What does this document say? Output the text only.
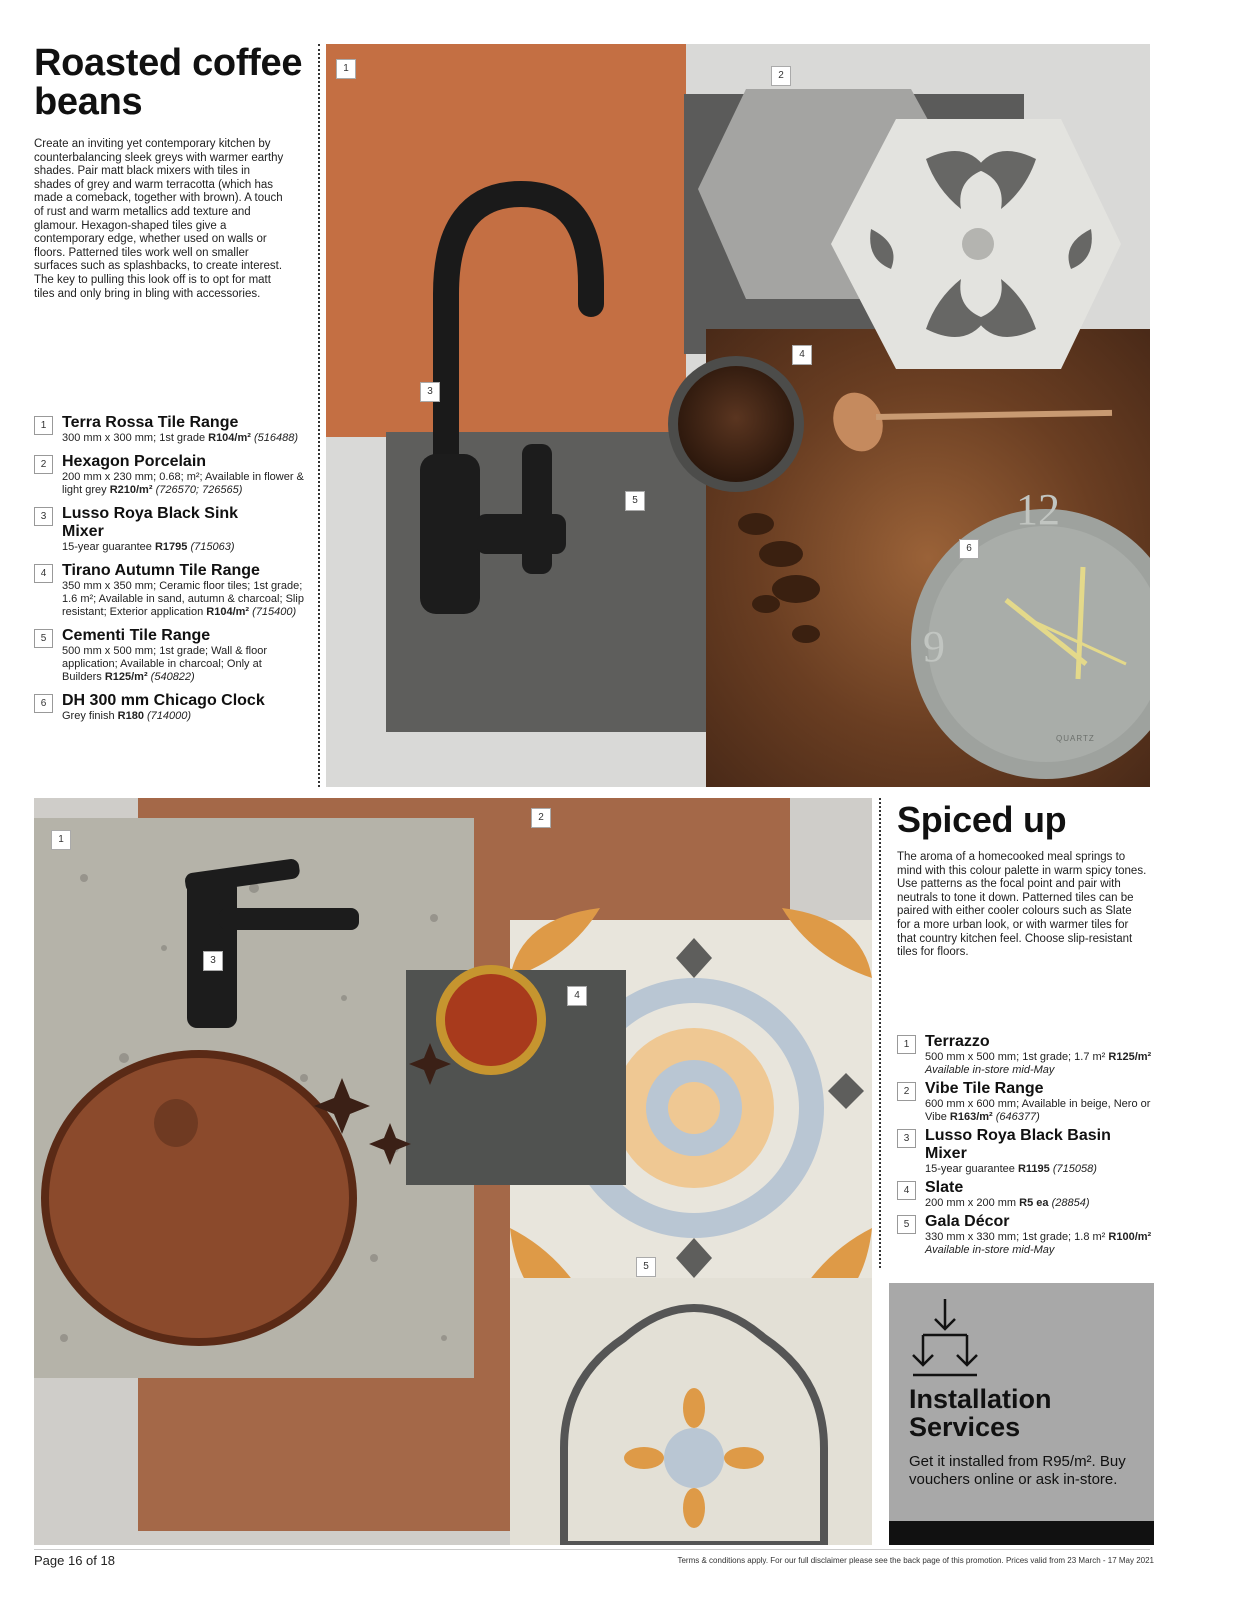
Roasted coffee beans

Create an inviting yet contemporary kitchen by counterbalancing sleek greys with warmer earthy shades. Pair matt black mixers with tiles in shades of grey and warm terracotta (which has made a comeback, together with brown). A touch of rust and warm metallics add texture and glamour. Hexagon-shaped tiles give a contemporary edge, whether used on walls or floors. Patterned tiles work well on smaller surfaces such as splashbacks, to create interest. The key to pulling this look off is to opt for matt tiles and only bring in bling with accessories.

1 Terra Rossa Tile Range
300 mm x 300 mm; 1st grade R104/m² (516488)
2 Hexagon Porcelain
200 mm x 230 mm; 0.68; m²; Available in flower & light grey R210/m² (726570; 726565)
3 Lusso Roya Black Sink Mixer
15-year guarantee R1795 (715063)
4 Tirano Autumn Tile Range
350 mm x 350 mm; Ceramic floor tiles; 1st grade; 1.6 m²; Available in sand, autumn & charcoal; Slip resistant; Exterior application R104/m² (715400)
5 Cementi Tile Range
500 mm x 500 mm; 1st grade; Wall & floor application; Available in charcoal; Only at Builders R125/m² (540822)
6 DH 300 mm Chicago Clock
Grey finish R180 (714000)
12
9
QUARTZ
1
2
3
4
5
6
1
2
3
4
5
Spiced up

The aroma of a homecooked meal springs to mind with this colour palette in warm spicy tones. Use patterns as the focal point and pair with neutrals to tone it down. Patterned tiles can be paired with either cooler colours such as Slate for a more urban look, or with warmer tiles for that country kitchen feel. Choose slip-resistant tiles for floors.

1 Terrazzo
500 mm x 500 mm; 1st grade; 1.7 m² R125/m² Available in-store mid-May
2 Vibe Tile Range
600 mm x 600 mm; Available in beige, Nero or Vibe R163/m² (646377)
3 Lusso Roya Black Basin Mixer
15-year guarantee R1195 (715058)
4 Slate
200 mm x 200 mm R5 ea (28854)
5 Gala Décor
330 mm x 330 mm; 1st grade; 1.8 m² R100/m² Available in-store mid-May
Installation Services
Get it installed from R95/m². Buy vouchers online or ask in-store.
Page 16 of 18	Terms & conditions apply. For our full disclaimer please see the back page of this promotion. Prices valid from 23 March - 17 May 2021
